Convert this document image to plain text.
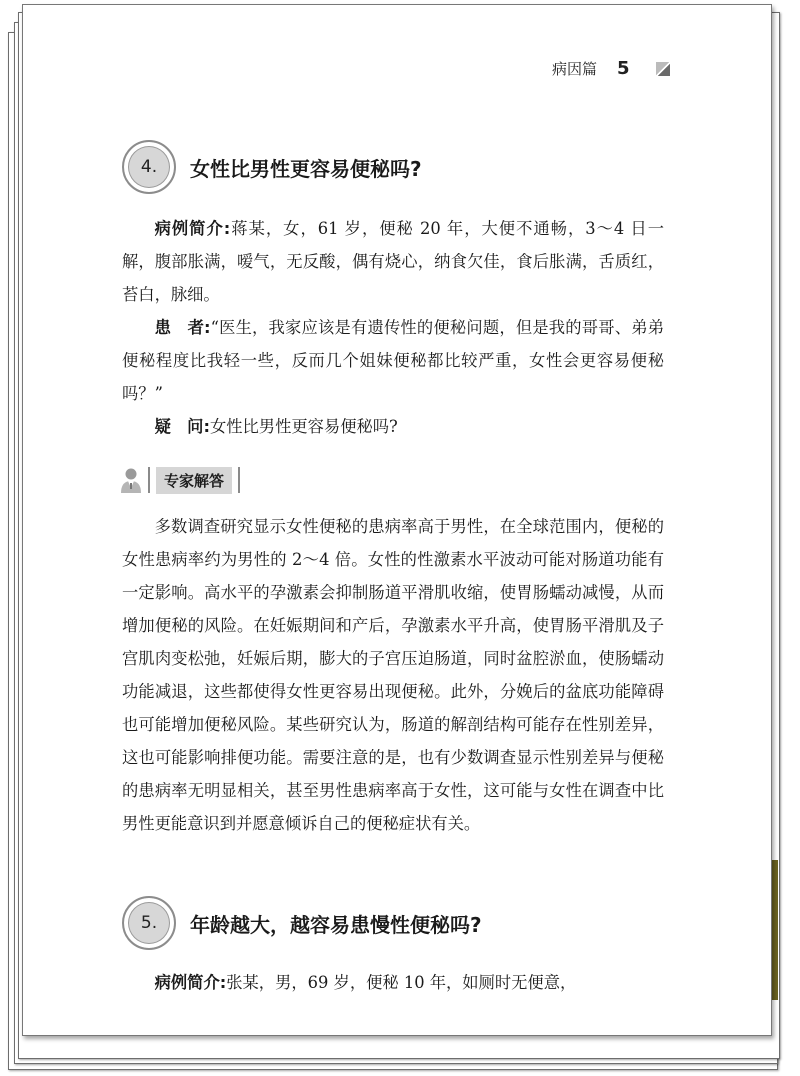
病因篇 5
4.	女性比男性更容易便秘吗?

病例简介:蒋某，女，61 岁，便秘 20 年，大便不通畅，3～4 日一解，腹部胀满，嗳气，无反酸，偶有烧心，纳食欠佳，食后胀满，舌质红，苔白，脉细。

患　者:“医生，我家应该是有遗传性的便秘问题，但是我的哥哥、弟弟便秘程度比我轻一些，反而几个姐妹便秘都比较严重，女性会更容易便秘吗？”

疑　问:女性比男性更容易便秘吗?

专家解答

多数调查研究显示女性便秘的患病率高于男性，在全球范围内，便秘的女性患病率约为男性的 2～4 倍。女性的性激素水平波动可能对肠道功能有一定影响。高水平的孕激素会抑制肠道平滑肌收缩，使胃肠蠕动减慢，从而增加便秘的风险。在妊娠期间和产后，孕激素水平升高，使胃肠平滑肌及子宫肌肉变松弛，妊娠后期，膨大的子宫压迫肠道，同时盆腔淤血，使肠蠕动功能减退，这些都使得女性更容易出现便秘。此外，分娩后的盆底功能障碍也可能增加便秘风险。某些研究认为，肠道的解剖结构可能存在性别差异，这也可能影响排便功能。需要注意的是，也有少数调查显示性别差异与便秘的患病率无明显相关，甚至男性患病率高于女性，这可能与女性在调查中比男性更能意识到并愿意倾诉自己的便秘症状有关。

5.	年龄越大，越容易患慢性便秘吗?

病例简介:张某，男，69 岁，便秘 10 年，如厕时无便意，
